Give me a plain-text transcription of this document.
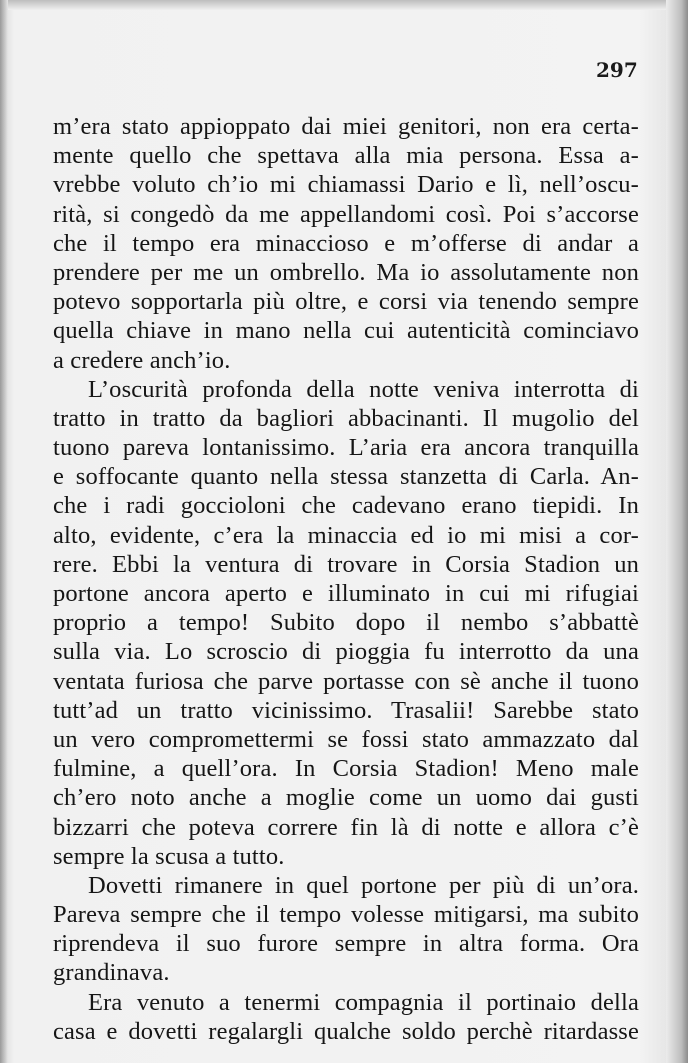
297
m’era stato appioppato dai miei genitori, non era certa-
mente quello che spettava alla mia persona. Essa a-
vrebbe voluto ch’io mi chiamassi Dario e lì, nell’oscu-
rità, si congedò da me appellandomi così. Poi s’accorse
che il tempo era minaccioso e m’offerse di andar a
prendere per me un ombrello. Ma io assolutamente non
potevo sopportarla più oltre, e corsi via tenendo sempre
quella chiave in mano nella cui autenticità cominciavo
a credere anch’io.
L’oscurità profonda della notte veniva interrotta di
tratto in tratto da bagliori abbacinanti. Il mugolio del
tuono pareva lontanissimo. L’aria era ancora tranquilla
e soffocante quanto nella stessa stanzetta di Carla. An-
che i radi goccioloni che cadevano erano tiepidi. In
alto, evidente, c’era la minaccia ed io mi misi a cor-
rere. Ebbi la ventura di trovare in Corsia Stadion un
portone ancora aperto e illuminato in cui mi rifugiai
proprio a tempo! Subito dopo il nembo s’abbattè
sulla via. Lo scroscio di pioggia fu interrotto da una
ventata furiosa che parve portasse con sè anche il tuono
tutt’ad un tratto vicinissimo. Trasalii! Sarebbe stato
un vero compromettermi se fossi stato ammazzato dal
fulmine, a quell’ora. In Corsia Stadion! Meno male
ch’ero noto anche a moglie come un uomo dai gusti
bizzarri che poteva correre fin là di notte e allora c’è
sempre la scusa a tutto.
Dovetti rimanere in quel portone per più di un’ora.
Pareva sempre che il tempo volesse mitigarsi, ma subito
riprendeva il suo furore sempre in altra forma. Ora
grandinava.
Era venuto a tenermi compagnia il portinaio della
casa e dovetti regalargli qualche soldo perchè ritardasse
